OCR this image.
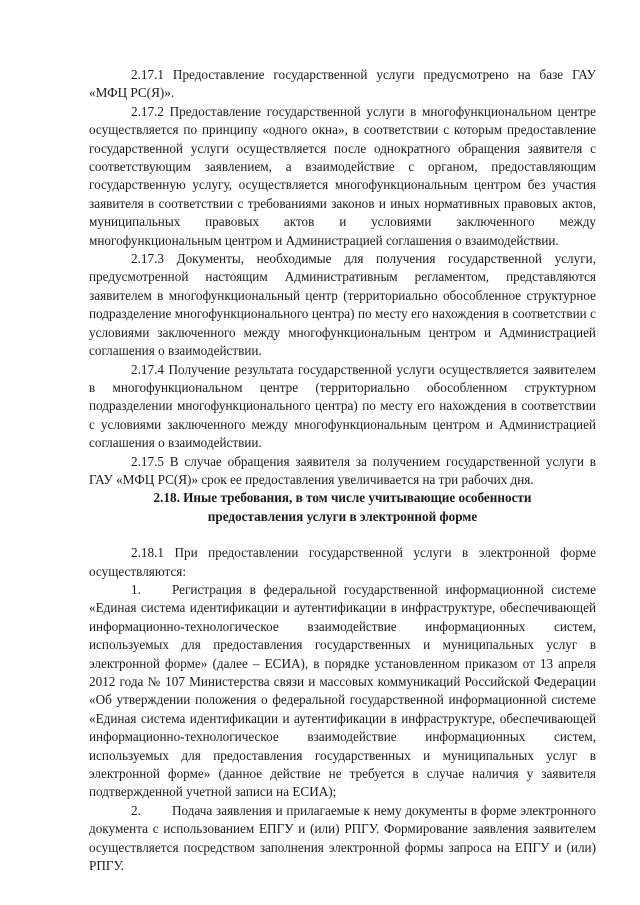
2.17.1 Предоставление государственной услуги предусмотрено на базе ГАУ «МФЦ РС(Я)».

2.17.2 Предоставление государственной услуги в многофункциональном центре осуществляется по принципу «одного окна», в соответствии с которым предоставление государственной услуги осуществляется после однократного обращения заявителя с соответствующим заявлением, а взаимодействие с органом, предоставляющим государственную услугу, осуществляется многофункциональным центром без участия заявителя в соответствии с требованиями законов и иных нормативных правовых актов, муниципальных правовых актов и условиями заключенного между многофункциональным центром и Администрацией соглашения о взаимодействии.

2.17.3 Документы, необходимые для получения государственной услуги, предусмотренной настоящим Административным регламентом, представляются заявителем в многофункциональный центр (территориально обособленное структурное подразделение многофункционального центра) по месту его нахождения в соответствии с условиями заключенного между многофункциональным центром и Администрацией соглашения о взаимодействии.

2.17.4 Получение результата государственной услуги осуществляется заявителем в многофункциональном центре (территориально обособленном структурном подразделении многофункционального центра) по месту его нахождения в соответствии с условиями заключенного между многофункциональным центром и Администрацией соглашения о взаимодействии.

2.17.5 В случае обращения заявителя за получением государственной услуги в ГАУ «МФЦ РС(Я)» срок ее предоставления увеличивается на три рабочих дня.

2.18. Иные требования, в том числе учитывающие особенности предоставления услуги в электронной форме

2.18.1 При предоставлении государственной услуги в электронной форме осуществляются:

1. Регистрация в федеральной государственной информационной системе «Единая система идентификации и аутентификации в инфраструктуре, обеспечивающей информационно-технологическое взаимодействие информационных систем, используемых для предоставления государственных и муниципальных услуг в электронной форме» (далее – ЕСИА), в порядке установленном приказом от 13 апреля 2012 года № 107 Министерства связи и массовых коммуникаций Российской Федерации «Об утверждении положения о федеральной государственной информационной системе «Единая система идентификации и аутентификации в инфраструктуре, обеспечивающей информационно-технологическое взаимодействие информационных систем, используемых для предоставления государственных и муниципальных услуг в электронной форме» (данное действие не требуется в случае наличия у заявителя подтвержденной учетной записи на ЕСИА);

2. Подача заявления и прилагаемые к нему документы в форме электронного документа с использованием ЕПГУ и (или) РПГУ. Формирование заявления заявителем осуществляется посредством заполнения электронной формы запроса на ЕПГУ и (или) РПГУ.
